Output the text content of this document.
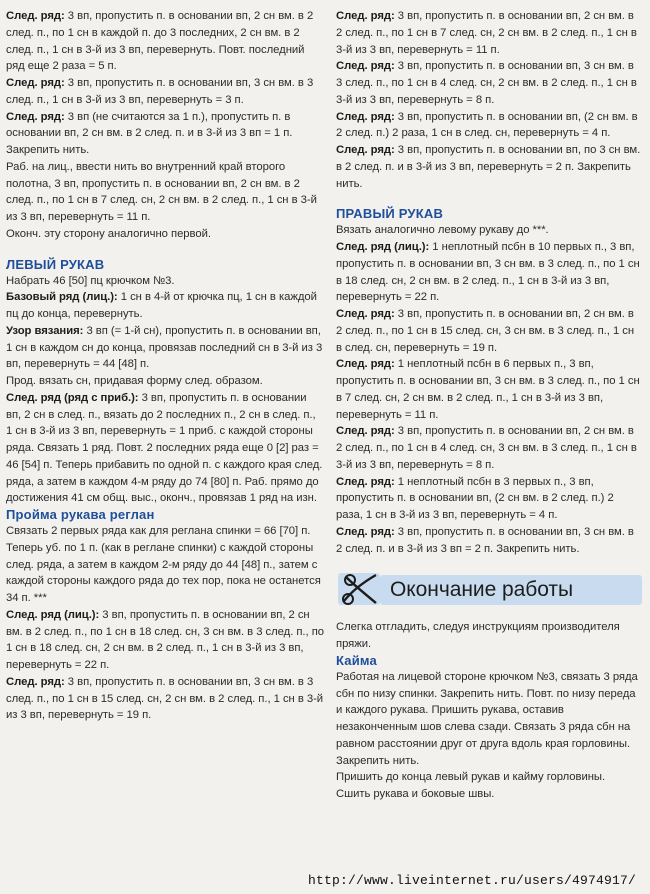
След. ряд: 3 вп, пропустить п. в основании вп, 2 сн вм. в 2 след. п., по 1 сн в каждой п. до 3 последних, 2 сн вм. в 2 след. п., 1 сн в 3-й из 3 вп, перевернуть. Повт. последний ряд еще 2 раза = 5 п.

След. ряд: 3 вп, пропустить п. в основании вп, 3 сн вм. в 3 след. п., 1 сн в 3-й из 3 вп, перевернуть = 3 п.

След. ряд: 3 вп (не считаются за 1 п.), пропустить п. в основании вп, 2 сн вм. в 2 след. п. и в 3-й из 3 вп = 1 п. Закрепить нить.

Раб. на лиц., ввести нить во внутренний край второго полотна, 3 вп, пропустить п. в основании вп, 2 сн вм. в 2 след. п., по 1 сн в 7 след. сн, 2 сн вм. в 2 след. п., 1 сн в 3-й из 3 вп, перевернуть = 11 п.

Оконч. эту сторону аналогично первой.

ЛЕВЫЙ РУКАВ

Набрать 46 [50] пц крючком №3.

Базовый ряд (лиц.): 1 сн в 4-й от крючка пц, 1 сн в каждой пц до конца, перевернуть.

Узор вязания: 3 вп (= 1-й сн), пропустить п. в основании вп, 1 сн в каждом сн до конца, провязав последний сн в 3-й из 3 вп, перевернуть = 44 [48] п.

Прод. вязать сн, придавая форму след. образом.

След. ряд (ряд с приб.): 3 вп, пропустить п. в основании вп, 2 сн в след. п., вязать до 2 последних п., 2 сн в след. п., 1 сн в 3-й из 3 вп, перевернуть = 1 приб. с каждой стороны ряда. Связать 1 ряд. Повт. 2 последних ряда еще 0 [2] раз = 46 [54] п. Теперь прибавить по одной п. с каждого края след. ряда, а затем в каждом 4-м ряду до 74 [80] п. Раб. прямо до достижения 41 см общ. выс., оконч., провязав 1 ряд на изн.

Пройма рукава реглан

Связать 2 первых ряда как для реглана спинки = 66 [70] п.

Теперь уб. по 1 п. (как в реглане спинки) с каждой стороны след. ряда, а затем в каждом 2-м ряду до 44 [48] п., затем с каждой стороны каждого ряда до тех пор, пока не останется 34 п. ***

След. ряд (лиц.): 3 вп, пропустить п. в основании вп, 2 сн вм. в 2 след. п., по 1 сн в 18 след. сн, 3 сн вм. в 3 след. п., по 1 сн в 18 след. сн, 2 сн вм. в 2 след. п., 1 сн в 3-й из 3 вп, перевернуть = 22 п.

След. ряд: 3 вп, пропустить п. в основании вп, 3 сн вм. в 3 след. п., по 1 сн в 15 след. сн, 2 сн вм. в 2 след. п., 1 сн в 3-й из 3 вп, перевернуть = 19 п.

След. ряд: 3 вп, пропустить п. в основании вп, 2 сн вм. в 2 след. п., по 1 сн в 7 след. сн, 2 сн вм. в 2 след. п., 1 сн в 3-й из 3 вп, перевернуть = 11 п.

След. ряд: 3 вп, пропустить п. в основании вп, 3 сн вм. в 3 след. п., по 1 сн в 4 след. сн, 2 сн вм. в 2 след. п., 1 сн в 3-й из 3 вп, перевернуть = 8 п.

След. ряд: 3 вп, пропустить п. в основании вп, (2 сн вм. в 2 след. п.) 2 раза, 1 сн в след. сн, перевернуть = 4 п.

След. ряд: 3 вп, пропустить п. в основании вп, по 3 сн вм. в 2 след. п. и в 3-й из 3 вп, перевернуть = 2 п. Закрепить нить.

ПРАВЫЙ РУКАВ

Вязать аналогично левому рукаву до ***.

След. ряд (лиц.): 1 неплотный псбн в 10 первых п., 3 вп, пропустить п. в основании вп, 3 сн вм. в 3 след. п., по 1 сн в 18 след. сн, 2 сн вм. в 2 след. п., 1 сн в 3-й из 3 вп, перевернуть = 22 п.

След. ряд: 3 вп, пропустить п. в основании вп, 2 сн вм. в 2 след. п., по 1 сн в 15 след. сн, 3 сн вм. в 3 след. п., 1 сн в след. сн, перевернуть = 19 п.

След. ряд: 1 неплотный псбн в 6 первых п., 3 вп, пропустить п. в основании вп, 3 сн вм. в 3 след. п., по 1 сн в 7 след. сн, 2 сн вм. в 2 след. п., 1 сн в 3-й из 3 вп, перевернуть = 11 п.

След. ряд: 3 вп, пропустить п. в основании вп, 2 сн вм. в 2 след. п., по 1 сн в 4 след. сн, 3 сн вм. в 3 след. п., 1 сн в 3-й из 3 вп, перевернуть = 8 п.

След. ряд: 1 неплотный псбн в 3 первых п., 3 вп, пропустить п. в основании вп, (2 сн вм. в 2 след. п.) 2 раза, 1 сн в 3-й из 3 вп, перевернуть = 4 п.

След. ряд: 3 вп, пропустить п. в основании вп, 3 сн вм. в 2 след. п. и в 3-й из 3 вп = 2 п. Закрепить нить.

Окончание работы

Слегка отгладить, следуя инструкциям производителя пряжи.

Кайма

Работая на лицевой стороне крючком №3, связать 3 ряда сбн по низу спинки. Закрепить нить. Повт. по низу переда и каждого рукава. Пришить рукава, оставив незаконченным шов слева сзади. Связать 3 ряда сбн на равном расстоянии друг от друга вдоль края горловины. Закрепить нить.

Пришить до конца левый рукав и кайму горловины. Сшить рукава и боковые швы.

http://www.liveinternet.ru/users/4974917/
